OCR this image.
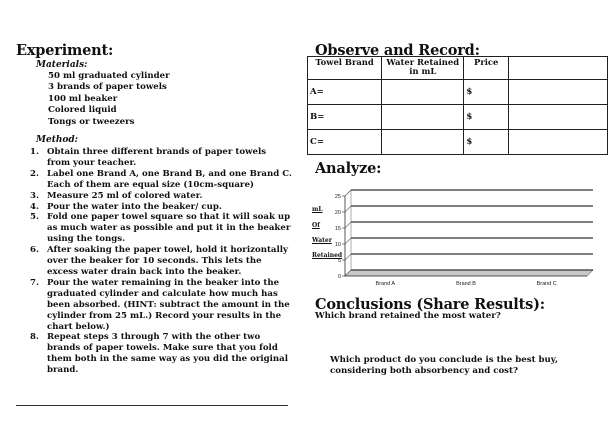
Experiment:
Materials:
50 ml graduated cylinder
3 brands of paper towels
100 ml beaker
Colored liquid
Tongs or tweezers
Method:
1. Obtain three different brands of paper towels from your teacher.
2. Label one Brand A, one Brand B, and one Brand C. Each of them are equal size (10cm-square)
3. Measure 25 ml of colored water.
4. Pour the water into the beaker/ cup.
5. Fold one paper towel square so that it will soak up as much water as possible and put it in the beaker using the tongs.
6. After soaking the paper towel, hold it horizontally over the beaker for 10 seconds. This lets the excess water drain back into the beaker.
7. Pour the water remaining in the beaker into the graduated cylinder and calculate how much has been absorbed. (HINT: subtract the amount in the cylinder from 25 mL.) Record your results in the chart below.)
8. Repeat steps 3 through 7 with the other two brands of paper towels. Make sure that you fold them both in the same way as you did the original brand.
Observe and Record:
Towel Brand	Water Retained in mL	Price	
A=		$	
B=		$	
C=		$	
Analyze:
mL
Of
Water
Retained
0
5
10
15
20
25
Brand A	Brand B	Brand C
Conclusions (Share Results):
Which brand retained the most water?
Which product do you conclude is the best buy, considering both absorbency and cost?
